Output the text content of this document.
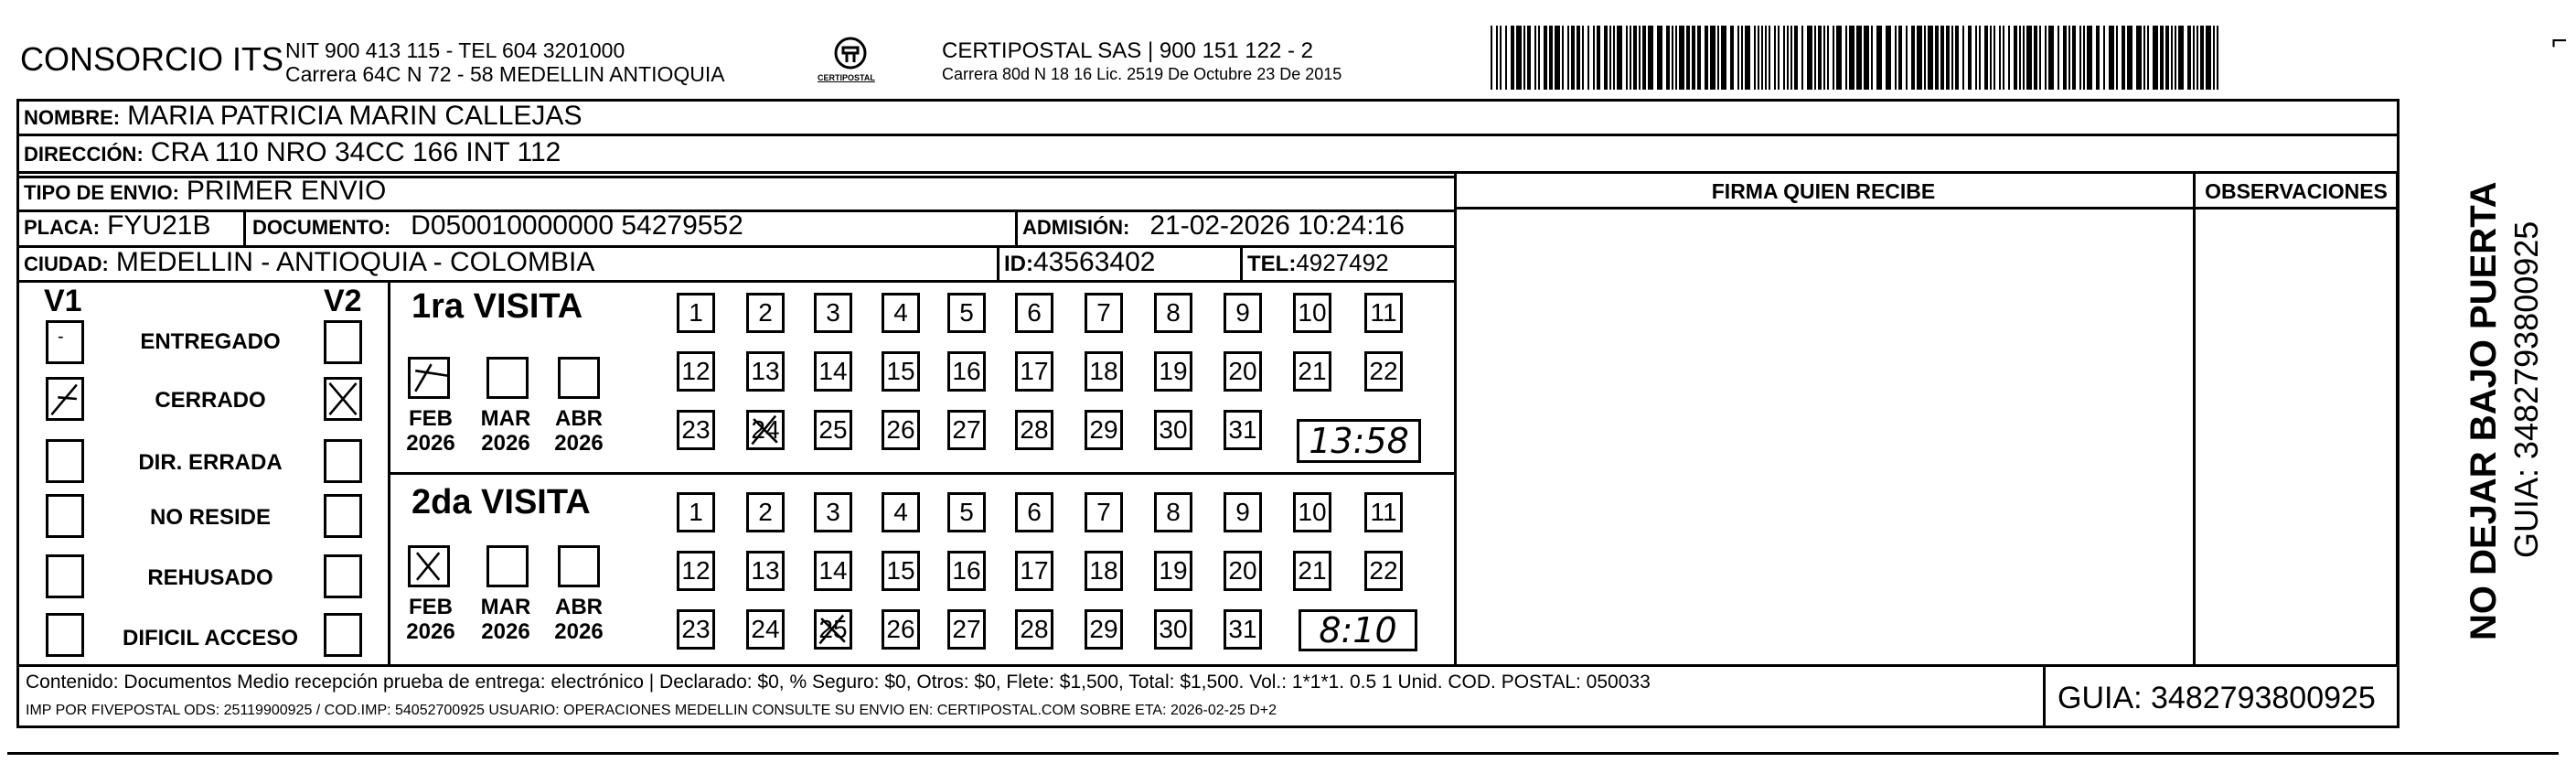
CONSORCIO ITS NIT 900 413 115 - TEL 604 3201000
Carrera 64C N 72 - 58 MEDELLIN ANTIOQUIA	CERTIPOSTAL
CERTIPOSTAL SAS | 900 151 122 - 2
Carrera 80d N 18 16 Lic. 2519 De Octubre 23 De 2015
⌐
NOMBRE: MARIA PATRICIA MARIN CALLEJAS
DIRECCIÓN: CRA 110 NRO 34CC 166 INT 112
TIPO DE ENVIO: PRIMER ENVIO
PLACA: FYU21B DOCUMENTO: D050010000000 54279552	ADMISIÓN: 21-02-2026 10:24:16
CIUDAD: MEDELLIN - ANTIOQUIA - COLOMBIA	ID: 43563402	TEL: 4927492
FIRMA QUIEN RECIBE	OBSERVACIONES
V1	V2
-	ENTREGADO
CERRADO
DIR. ERRADA
NO RESIDE
REHUSADO
DIFICIL ACCESO
1ra VISITA
FEB
2026
MAR
2026
ABR
2026
1	2	3	4	5	6	7	8	9	10 11
12 13 14 15 16 17 18 19 20 21 22
23 24 25 26 27 28 29 30 31 13:58
2da VISITA
FEB
2026
MAR
2026
ABR
2026
1	2	3	4	5	6	7	8	9	10 11
12 13 14 15 16 17 18 19 20 21 22
23 24 25 26 27 28 29 30 31 8:10
Contenido: Documentos Medio recepción prueba de entrega: electrónico | Declarado: $0, % Seguro: $0, Otros: $0, Flete: $1,500, Total: $1,500. Vol.: 1*1*1. 0.5 1 Unid. COD. POSTAL: 050033
IMP POR FIVEPOSTAL ODS: 25119900925 / COD.IMP: 54052700925 USUARIO: OPERACIONES MEDELLIN CONSULTE SU ENVIO EN: CERTIPOSTAL.COM SOBRE ETA: 2026-02-25 D+2	GUIA: 3482793800925
NO DEJAR BAJO PUERTA GUIA: 3482793800925
